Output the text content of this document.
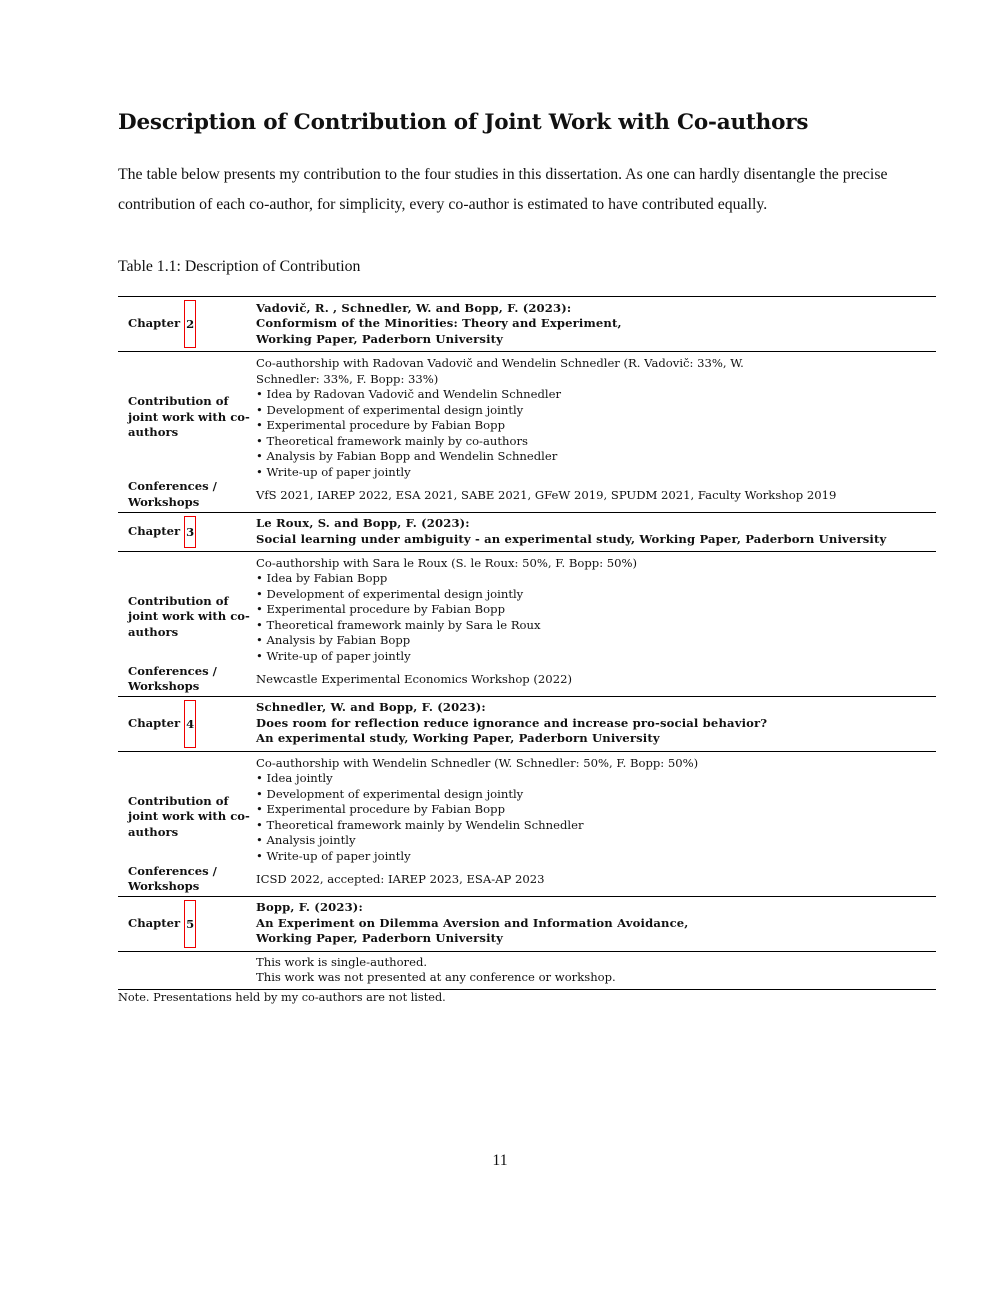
Description of Contribution of Joint Work with Co-authors

The table below presents my contribution to the four studies in this dissertation. As one can hardly disentangle the precise contribution of each co-author, for simplicity, every co-author is estimated to have contributed equally.

Table 1.1: Description of Contribution

Chapter 2
Vadovič, R. , Schnedler, W. and Bopp, F. (2023):
Conformism of the Minorities: Theory and Experiment,
Working Paper, Paderborn University
Contribution of joint work with co-authors
Conferences / Workshops
Co-authorship with Radovan Vadovič and Wendelin Schnedler (R. Vadovič: 33%, W. Schnedler: 33%, F. Bopp: 33%)
• Idea by Radovan Vadovič and Wendelin Schnedler
• Development of experimental design jointly
• Experimental procedure by Fabian Bopp
• Theoretical framework mainly by co-authors
• Analysis by Fabian Bopp and Wendelin Schnedler
• Write-up of paper jointly
VfS 2021, IAREP 2022, ESA 2021, SABE 2021, GFeW 2019, SPUDM 2021, Faculty Workshop 2019
Chapter 3
Le Roux, S. and Bopp, F. (2023):
Social learning under ambiguity - an experimental study, Working Paper, Paderborn University
Contribution of joint work with co-authors
Conferences / Workshops
Co-authorship with Sara le Roux (S. le Roux: 50%, F. Bopp: 50%)
• Idea by Fabian Bopp
• Development of experimental design jointly
• Experimental procedure by Fabian Bopp
• Theoretical framework mainly by Sara le Roux
• Analysis by Fabian Bopp
• Write-up of paper jointly
Newcastle Experimental Economics Workshop (2022)
Chapter 4
Schnedler, W. and Bopp, F. (2023):
Does room for reflection reduce ignorance and increase pro-social behavior?
An experimental study, Working Paper, Paderborn University
Contribution of joint work with co-authors
Conferences / Workshops
Co-authorship with Wendelin Schnedler (W. Schnedler: 50%, F. Bopp: 50%)
• Idea jointly
• Development of experimental design jointly
• Experimental procedure by Fabian Bopp
• Theoretical framework mainly by Wendelin Schnedler
• Analysis jointly
• Write-up of paper jointly
ICSD 2022, accepted: IAREP 2023, ESA-AP 2023
Chapter 5
Bopp, F. (2023):
An Experiment on Dilemma Aversion and Information Avoidance,
Working Paper, Paderborn University
This work is single-authored.
This work was not presented at any conference or workshop.
Note. Presentations held by my co-authors are not listed.
11
